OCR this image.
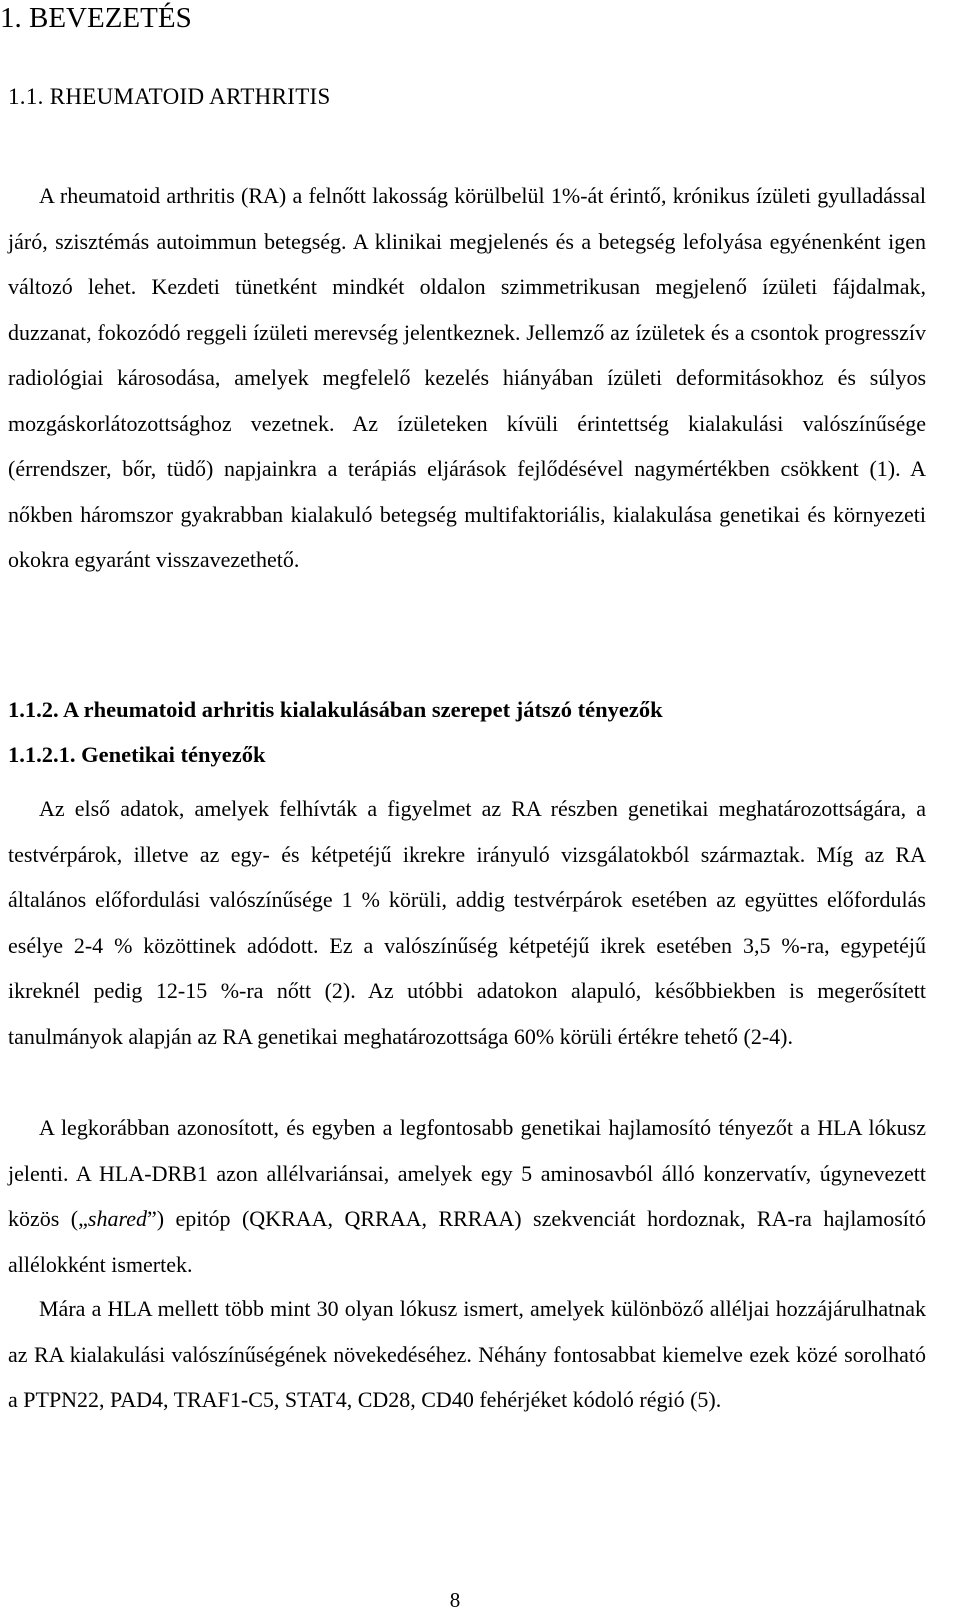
1. BEVEZETÉS
1.1. RHEUMATOID ARTHRITIS

A rheumatoid arthritis (RA) a felnőtt lakosság körülbelül 1%-át érintő, krónikus ízületi gyulladással járó, szisztémás autoimmun betegség. A klinikai megjelenés és a betegség lefolyása egyénenként igen változó lehet. Kezdeti tünetként mindkét oldalon szimmetrikusan megjelenő ízületi fájdalmak, duzzanat, fokozódó reggeli ízületi merevség jelentkeznek. Jellemző az ízületek és a csontok progresszív radiológiai károsodása, amelyek megfelelő kezelés hiányában ízületi deformitásokhoz és súlyos mozgáskorlátozottsághoz vezetnek. Az ízületeken kívüli érintettség kialakulási valószínűsége (érrendszer, bőr, tüdő) napjainkra a terápiás eljárások fejlődésével nagymértékben csökkent (1). A nőkben háromszor gyakrabban kialakuló betegség multifaktoriális, kialakulása genetikai és környezeti okokra egyaránt visszavezethető.

1.1.2. A rheumatoid arhritis kialakulásában szerepet játszó tényezők
1.1.2.1. Genetikai tényezők

Az első adatok, amelyek felhívták a figyelmet az RA részben genetikai meghatározottságára, a testvérpárok, illetve az egy- és kétpetéjű ikrekre irányuló vizsgálatokból származtak. Míg az RA általános előfordulási valószínűsége 1 % körüli, addig testvérpárok esetében az együttes előfordulás esélye 2-4 % közöttinek adódott. Ez a valószínűség kétpetéjű ikrek esetében 3,5 %-ra, egypetéjű ikreknél pedig 12-15 %-ra nőtt (2). Az utóbbi adatokon alapuló, későbbiekben is megerősített tanulmányok alapján az RA genetikai meghatározottsága 60% körüli értékre tehető (2-4).

A legkorábban azonosított, és egyben a legfontosabb genetikai hajlamosító tényezőt a HLA lókusz jelenti. A HLA-DRB1 azon allélvariánsai, amelyek egy 5 aminosavból álló konzervatív, úgynevezett közös („shared”) epitóp (QKRAA, QRRAA, RRRAA) szekvenciát hordoznak, RA-ra hajlamosító allélokként ismertek.

Mára a HLA mellett több mint 30 olyan lókusz ismert, amelyek különböző alléljai hozzájárulhatnak az RA kialakulási valószínűségének növekedéséhez. Néhány fontosabbat kiemelve ezek közé sorolható a PTPN22, PAD4, TRAF1-C5, STAT4, CD28, CD40 fehérjéket kódoló régió (5).

8
